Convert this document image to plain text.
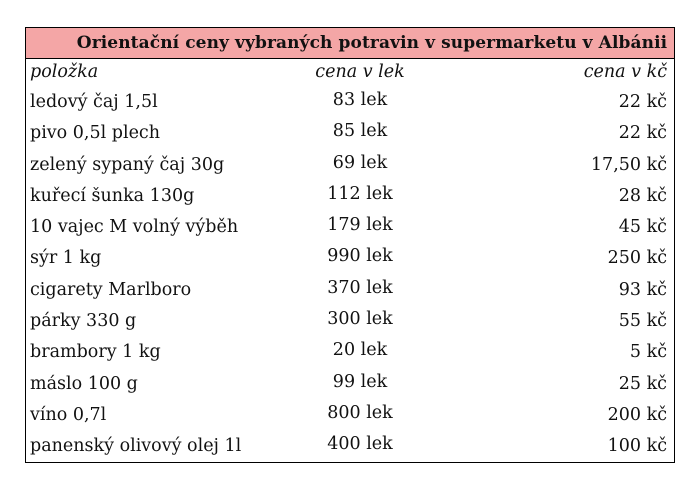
Orientační ceny vybraných potravin v supermarketu v Albánii
položka	cena v lek	cena v kč
ledový čaj 1,5l	83 lek	22 kč
pivo 0,5l plech	85 lek	22 kč
zelený sypaný čaj 30g	69 lek	17,50 kč
kuřecí šunka 130g	112 lek	28 kč
10 vajec M volný výběh	179 lek	45 kč
sýr 1 kg	990 lek	250 kč
cigarety Marlboro	370 lek	93 kč
párky 330 g	300 lek	55 kč
brambory 1 kg	20 lek	5 kč
máslo 100 g	99 lek	25 kč
víno 0,7l	800 lek	200 kč
panenský olivový olej 1l	400 lek	100 kč
